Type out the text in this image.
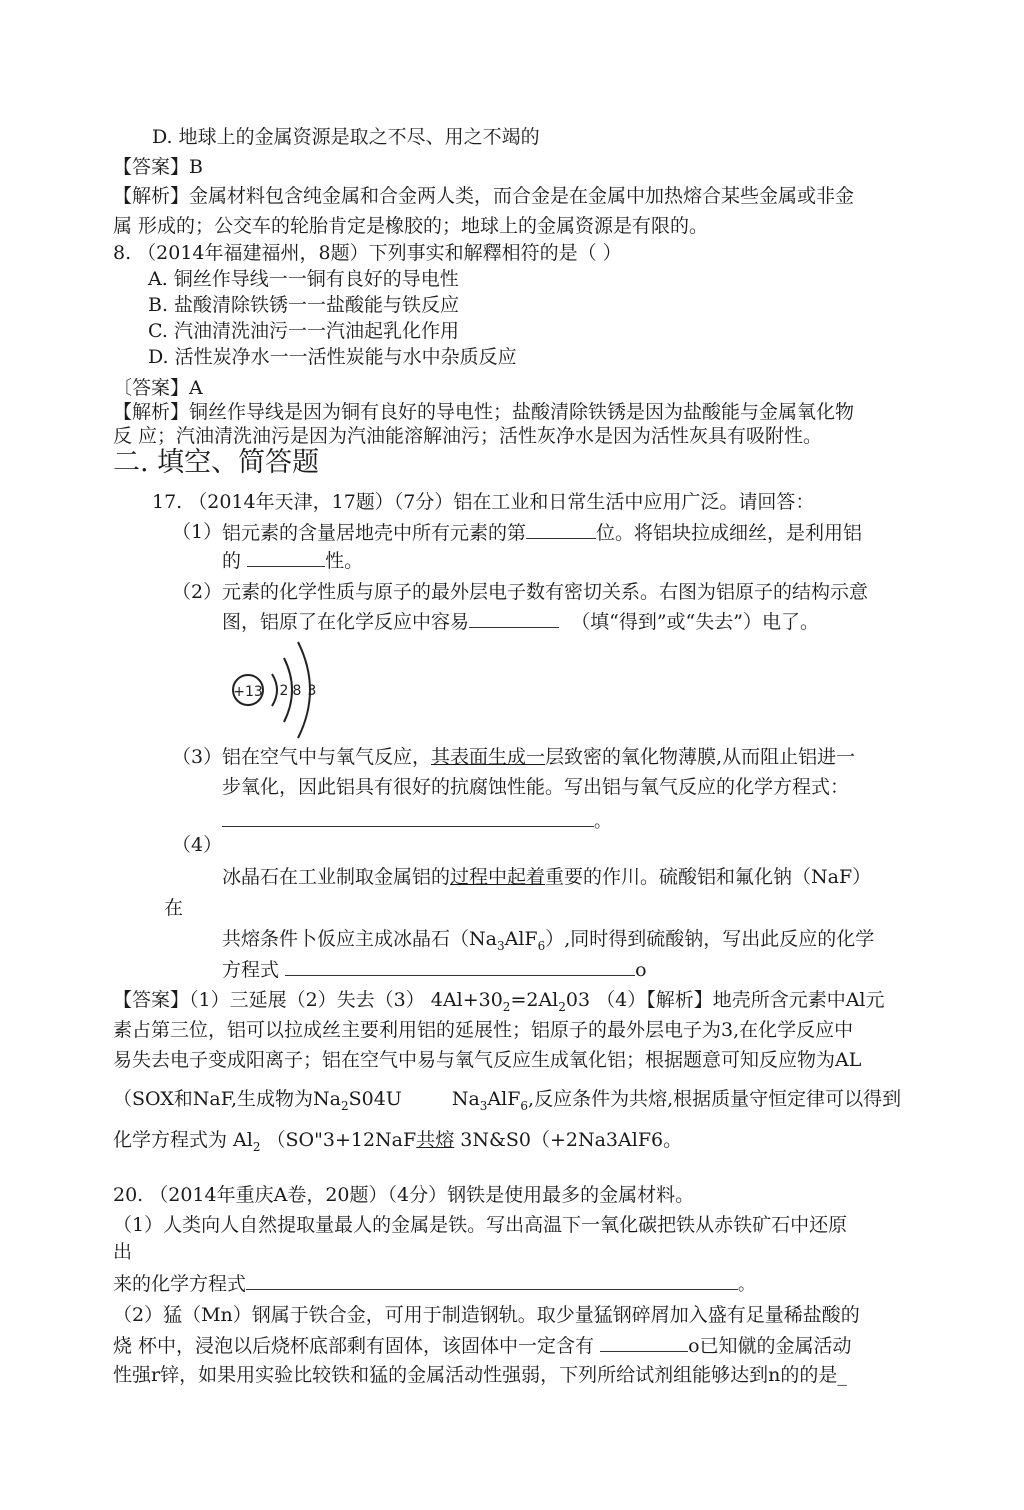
D. 地球上的金属资源是取之不尽、用之不竭的
【答案】B
【解析】金属材料包含纯金属和合金两人类，而合金是在金属中加热熔合某些金属或非金
属 形成的；公交车的轮胎肯定是橡胶的；地球上的金属资源是有限的。
8. （2014年福建福州，8题）下列事实和解釋相符的是（ ）
A. 铜丝作导线一一铜有良好的导电性
B. 盐酸清除铁锈一一盐酸能与铁反应
C. 汽油清洗油污一一汽油起乳化作用
D. 活性炭净水一一活性炭能与水中杂质反应
〔答案】A
【解析】铜丝作导线是因为铜有良好的导电性；盐酸清除铁锈是因为盐酸能与金属氧化物
反 应；汽油清洗油污是因为汽油能溶解油污；活性灰净水是因为活性灰具有吸附性。
二. 填空、简答题
17. （2014年天津，17题）（7分）铝在工业和日常生活中应用广泛。请回答：
（1） 铝元素的含量居地壳中所有元素的第	位。将铝块拉成细丝，是利用铝
的	性。
（2） 元素的化学性质与原子的最外层电子数有密切关系。右图为铝原子的结构示意
图，铝原了在化学反应中容易	（填“得到”或“失去”）电了。
+13 2 8 3
（3） 铝在空气中与氧气反应，其表面生成一层致密的氧化物薄膜,从而阻止铝进一
步氧化，因此铝具有很好的抗腐蚀性能。写出铝与氧气反应的化学方程式：
。
（4）
冰晶石在工业制取金属铝的过程中起着重要的作川。硫酸铝和氟化钠（NaF）
在
共熔条件卜仮应主成冰晶石$(Na_3AlF_6)$,同时得到硫酸钠，写出此反应的化学
方程式	o
【答案】（1）三延展（2）失去（3） $4Al+30_2=2Al_203$ （4）【解析】地壳所含元素中Al元
素占第三位，铝可以拉成丝主要利用铝的延展性；铝原子的最外层电子为3,在化学反应中
易失去电子变成阳离子；铝在空气中易与氧气反应生成氧化铝；根据题意可知反应物为AL
（SOX和NaF,生成物为$Na_2S04U$	$Na_3AlF_6$,反应条件为共熔,根据质量守恒定律可以得到
化学方程式为 $Al_2$ （SO"3+12NaF共熔 3N&S0（+2Na3AlF6。
20. （2014年重庆A卷，20题）（4分）钢铁是使用最多的金属材料。
（1）人类向人自然提取量最人的金属是铁。写出高温下一氧化碳把铁从赤铁矿石中还原
出
来的化学方程式	。
（2）猛（Mn）钢属于铁合金，可用于制造钢轨。取少量猛钢碎屑加入盛有足量稀盐酸的
烧 杯中，浸泡以后烧杯底部剩有固体，该固体中一定含有	o已知僦的金属活动
性强r锌，如果用实验比较铁和猛的金属活动性强弱，下列所给试剂组能够达到n的的是_
